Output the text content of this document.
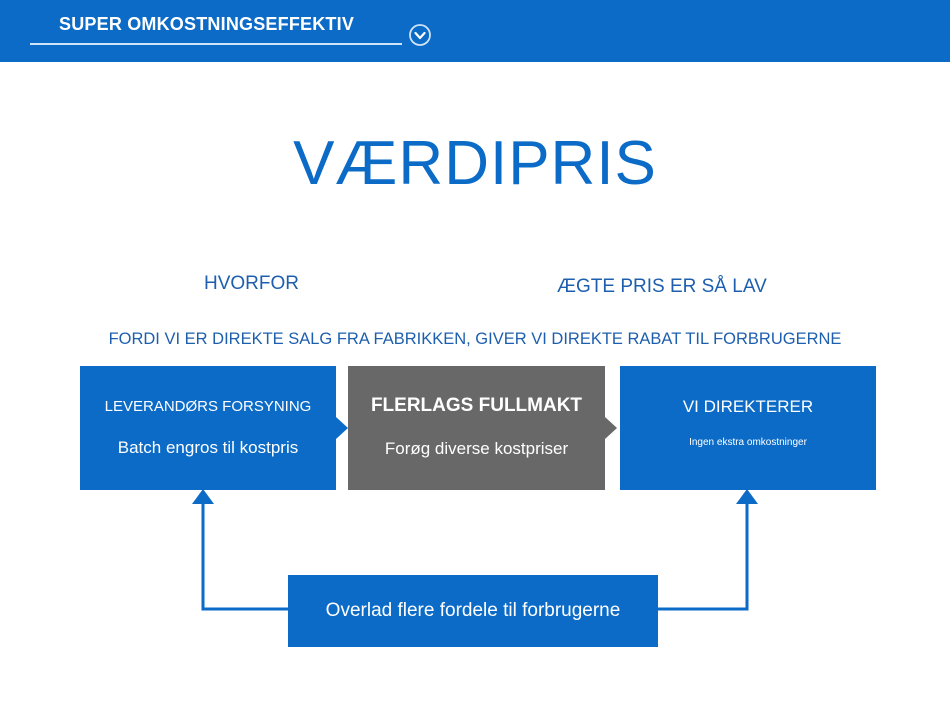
SUPER OMKOSTNINGSEFFEKTIV
VÆRDIPRIS
HVORFOR	ÆGTE PRIS ER SÅ LAV
FORDI VI ER DIREKTE SALG FRA FABRIKKEN, GIVER VI DIREKTE RABAT TIL FORBRUGERNE
LEVERANDØRS FORSYNING
Batch engros til kostpris
FLERLAGS FULLMAKT
Forøg diverse kostpriser
VI DIREKTERER
Ingen ekstra omkostninger
Overlad flere fordele til forbrugerne
